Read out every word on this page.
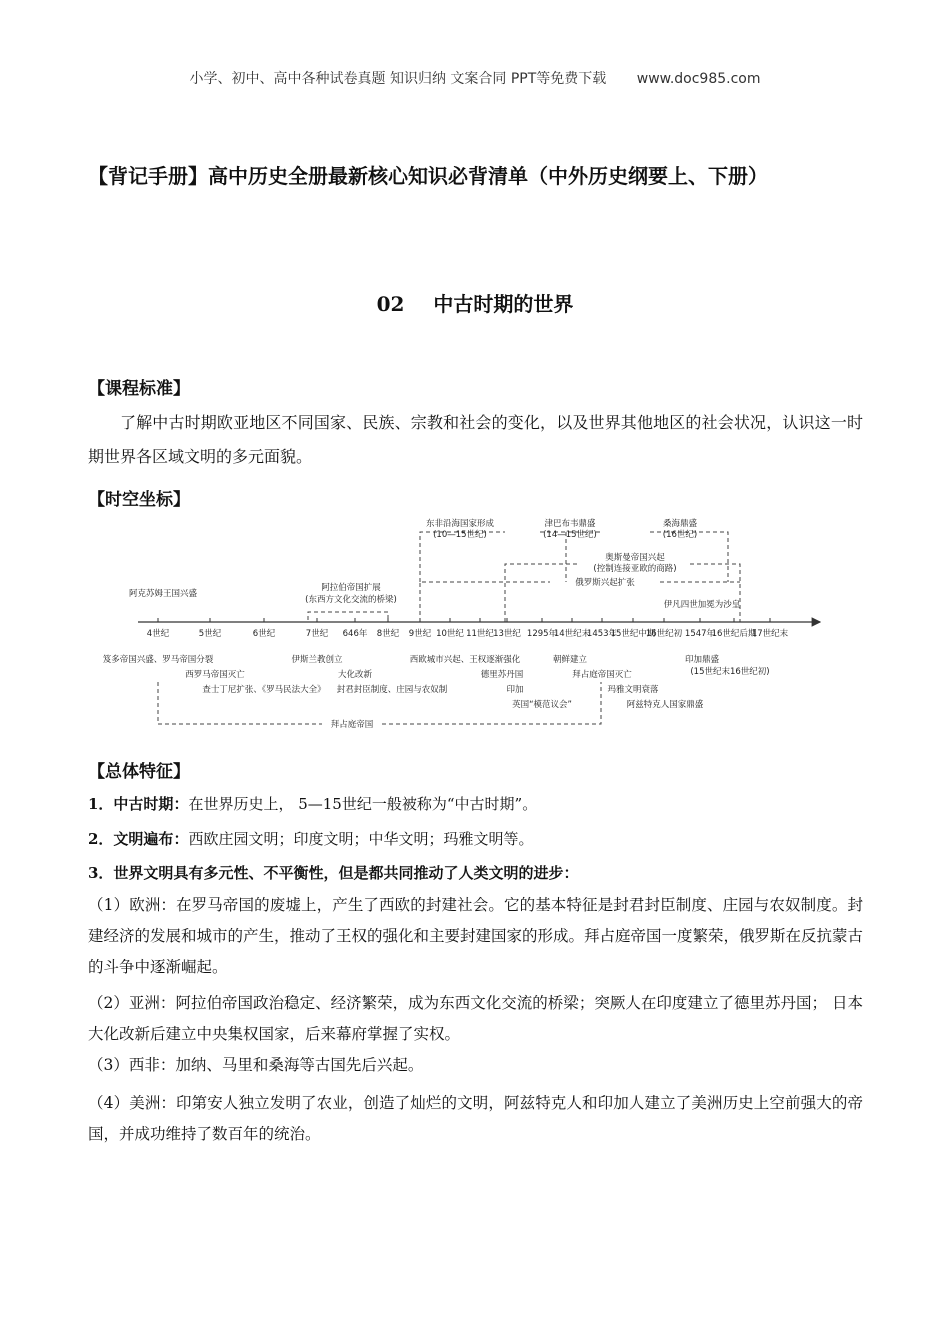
小学、初中、高中各种试卷真题 知识归纳 文案合同 PPT等免费下载 www.doc985.com
【背记手册】高中历史全册最新核心知识必背清单（中外历史纲要上、下册）
02 中古时期的世界
【课程标准】
了解中古时期欧亚地区不同国家、民族、宗教和社会的变化，以及世界其他地区的社会状况，认识这一时期世界各区域文明的多元面貌。
【时空坐标】
4世纪	5世纪	6世纪	7世纪 646年 8世纪 9世纪 10世纪 11世纪 13世纪 1295年
14世纪末
1453年
15世纪中期
16世纪初 1547年
16世纪后期
17世纪末
东非沿海国家形成
(10—15世纪)
津巴布韦鼎盛
(14—15世纪)
桑海鼎盛
(16世纪)
奥斯曼帝国兴起
(控制连接亚欧的商路)
俄罗斯兴起扩张
伊凡四世加冕为沙皇
阿克苏姆王国兴盛
阿拉伯帝国扩展
(东西方文化交流的桥梁)
笈多帝国兴盛、罗马帝国分裂
西罗马帝国灭亡
查士丁尼扩张、《罗马民法大全》
伊斯兰教创立
大化改新
封君封臣制度、庄园与农奴制
西欧城市兴起、王权逐渐强化
德里苏丹国
印加
英国“模范议会”
朝鲜建立
拜占庭帝国灭亡
玛雅文明衰落
阿兹特克人国家鼎盛
印加鼎盛
(15世纪末16世纪初)
拜占庭帝国
【总体特征】
1．中古时期：在世界历史上， 5—15世纪一般被称为“中古时期”。
2．文明遍布：西欧庄园文明；印度文明；中华文明；玛雅文明等。
3．世界文明具有多元性、不平衡性，但是都共同推动了人类文明的进步：
（1）欧洲：在罗马帝国的废墟上，产生了西欧的封建社会。它的基本特征是封君封臣制度、庄园与农奴制度。封建经济的发展和城市的产生，推动了王权的强化和主要封建国家的形成。拜占庭帝国一度繁荣，俄罗斯在反抗蒙古的斗争中逐渐崛起。
（2）亚洲：阿拉伯帝国政治稳定、经济繁荣，成为东西文化交流的桥梁；突厥人在印度建立了德里苏丹国； 日本大化改新后建立中央集权国家，后来幕府掌握了实权。
（3）西非：加纳、马里和桑海等古国先后兴起。
（4）美洲：印第安人独立发明了农业，创造了灿烂的文明，阿兹特克人和印加人建立了美洲历史上空前强大的帝国，并成功维持了数百年的统治。
